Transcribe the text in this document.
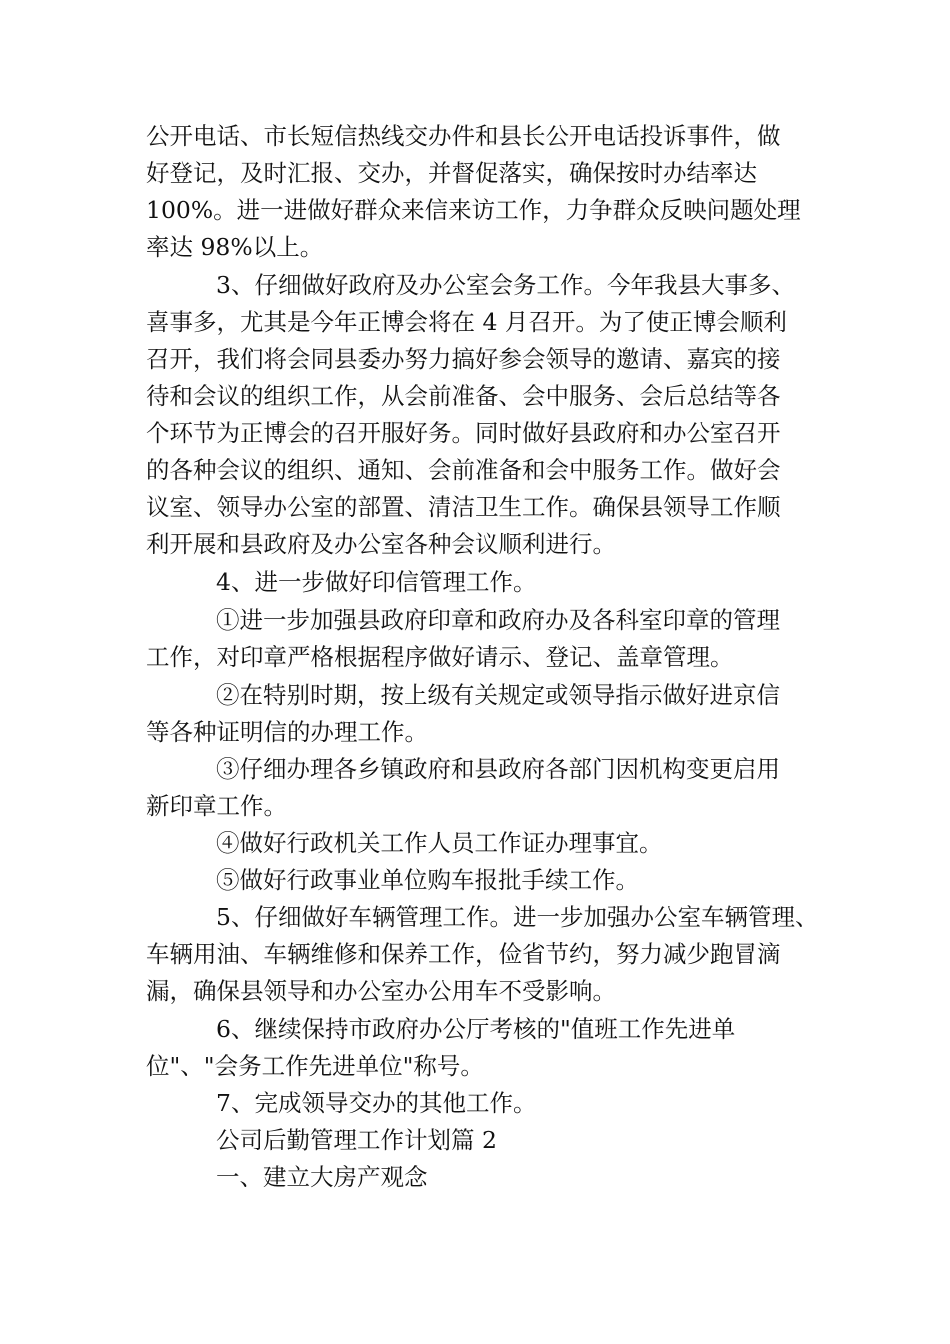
公开电话、市长短信热线交办件和县长公开电话投诉事件，做
好登记，及时汇报、交办，并督促落实，确保按时办结率达
100%。进一进做好群众来信来访工作，力争群众反映问题处理
率达 98%以上。
3、仔细做好政府及办公室会务工作。今年我县大事多、
喜事多，尤其是今年正博会将在 4 月召开。为了使正博会顺利
召开，我们将会同县委办努力搞好参会领导的邀请、嘉宾的接
待和会议的组织工作，从会前准备、会中服务、会后总结等各
个环节为正博会的召开服好务。同时做好县政府和办公室召开
的各种会议的组织、通知、会前准备和会中服务工作。做好会
议室、领导办公室的部置、清洁卫生工作。确保县领导工作顺
利开展和县政府及办公室各种会议顺利进行。
4、进一步做好印信管理工作。
①进一步加强县政府印章和政府办及各科室印章的管理
工作，对印章严格根据程序做好请示、登记、盖章管理。
②在特别时期，按上级有关规定或领导指示做好进京信
等各种证明信的办理工作。
③仔细办理各乡镇政府和县政府各部门因机构变更启用
新印章工作。
④做好行政机关工作人员工作证办理事宜。
⑤做好行政事业单位购车报批手续工作。
5、仔细做好车辆管理工作。进一步加强办公室车辆管理、
车辆用油、车辆维修和保养工作，俭省节约，努力减少跑冒滴
漏，确保县领导和办公室办公用车不受影响。
6、继续保持市政府办公厅考核的"值班工作先进单
位"、"会务工作先进单位"称号。
7、完成领导交办的其他工作。
公司后勤管理工作计划篇 2
一、建立大房产观念
